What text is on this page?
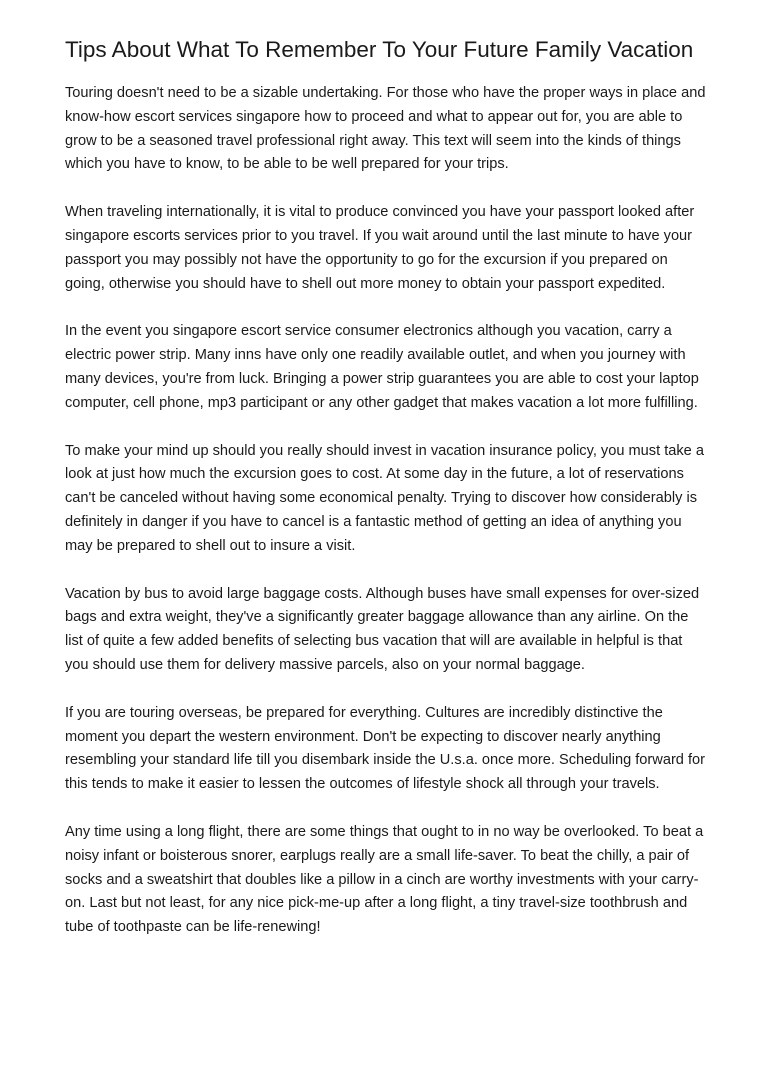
Tips About What To Remember To Your Future Family Vacation

Touring doesn't need to be a sizable undertaking. For those who have the proper ways in place and know-how escort services singapore how to proceed and what to appear out for, you are able to grow to be a seasoned travel professional right away. This text will seem into the kinds of things which you have to know, to be able to be well prepared for your trips.

When traveling internationally, it is vital to produce convinced you have your passport looked after singapore escorts services prior to you travel. If you wait around until the last minute to have your passport you may possibly not have the opportunity to go for the excursion if you prepared on going, otherwise you should have to shell out more money to obtain your passport expedited.

In the event you singapore escort service consumer electronics although you vacation, carry a electric power strip. Many inns have only one readily available outlet, and when you journey with many devices, you're from luck. Bringing a power strip guarantees you are able to cost your laptop computer, cell phone, mp3 participant or any other gadget that makes vacation a lot more fulfilling.

To make your mind up should you really should invest in vacation insurance policy, you must take a look at just how much the excursion goes to cost. At some day in the future, a lot of reservations can't be canceled without having some economical penalty. Trying to discover how considerably is definitely in danger if you have to cancel is a fantastic method of getting an idea of anything you may be prepared to shell out to insure a visit.

Vacation by bus to avoid large baggage costs. Although buses have small expenses for over-sized bags and extra weight, they've a significantly greater baggage allowance than any airline. On the list of quite a few added benefits of selecting bus vacation that will are available in helpful is that you should use them for delivery massive parcels, also on your normal baggage.

If you are touring overseas, be prepared for everything. Cultures are incredibly distinctive the moment you depart the western environment. Don't be expecting to discover nearly anything resembling your standard life till you disembark inside the U.s.a. once more. Scheduling forward for this tends to make it easier to lessen the outcomes of lifestyle shock all through your travels.

Any time using a long flight, there are some things that ought to in no way be overlooked. To beat a noisy infant or boisterous snorer, earplugs really are a small life-saver. To beat the chilly, a pair of socks and a sweatshirt that doubles like a pillow in a cinch are worthy investments with your carry-on. Last but not least, for any nice pick-me-up after a long flight, a tiny travel-size toothbrush and tube of toothpaste can be life-renewing!
